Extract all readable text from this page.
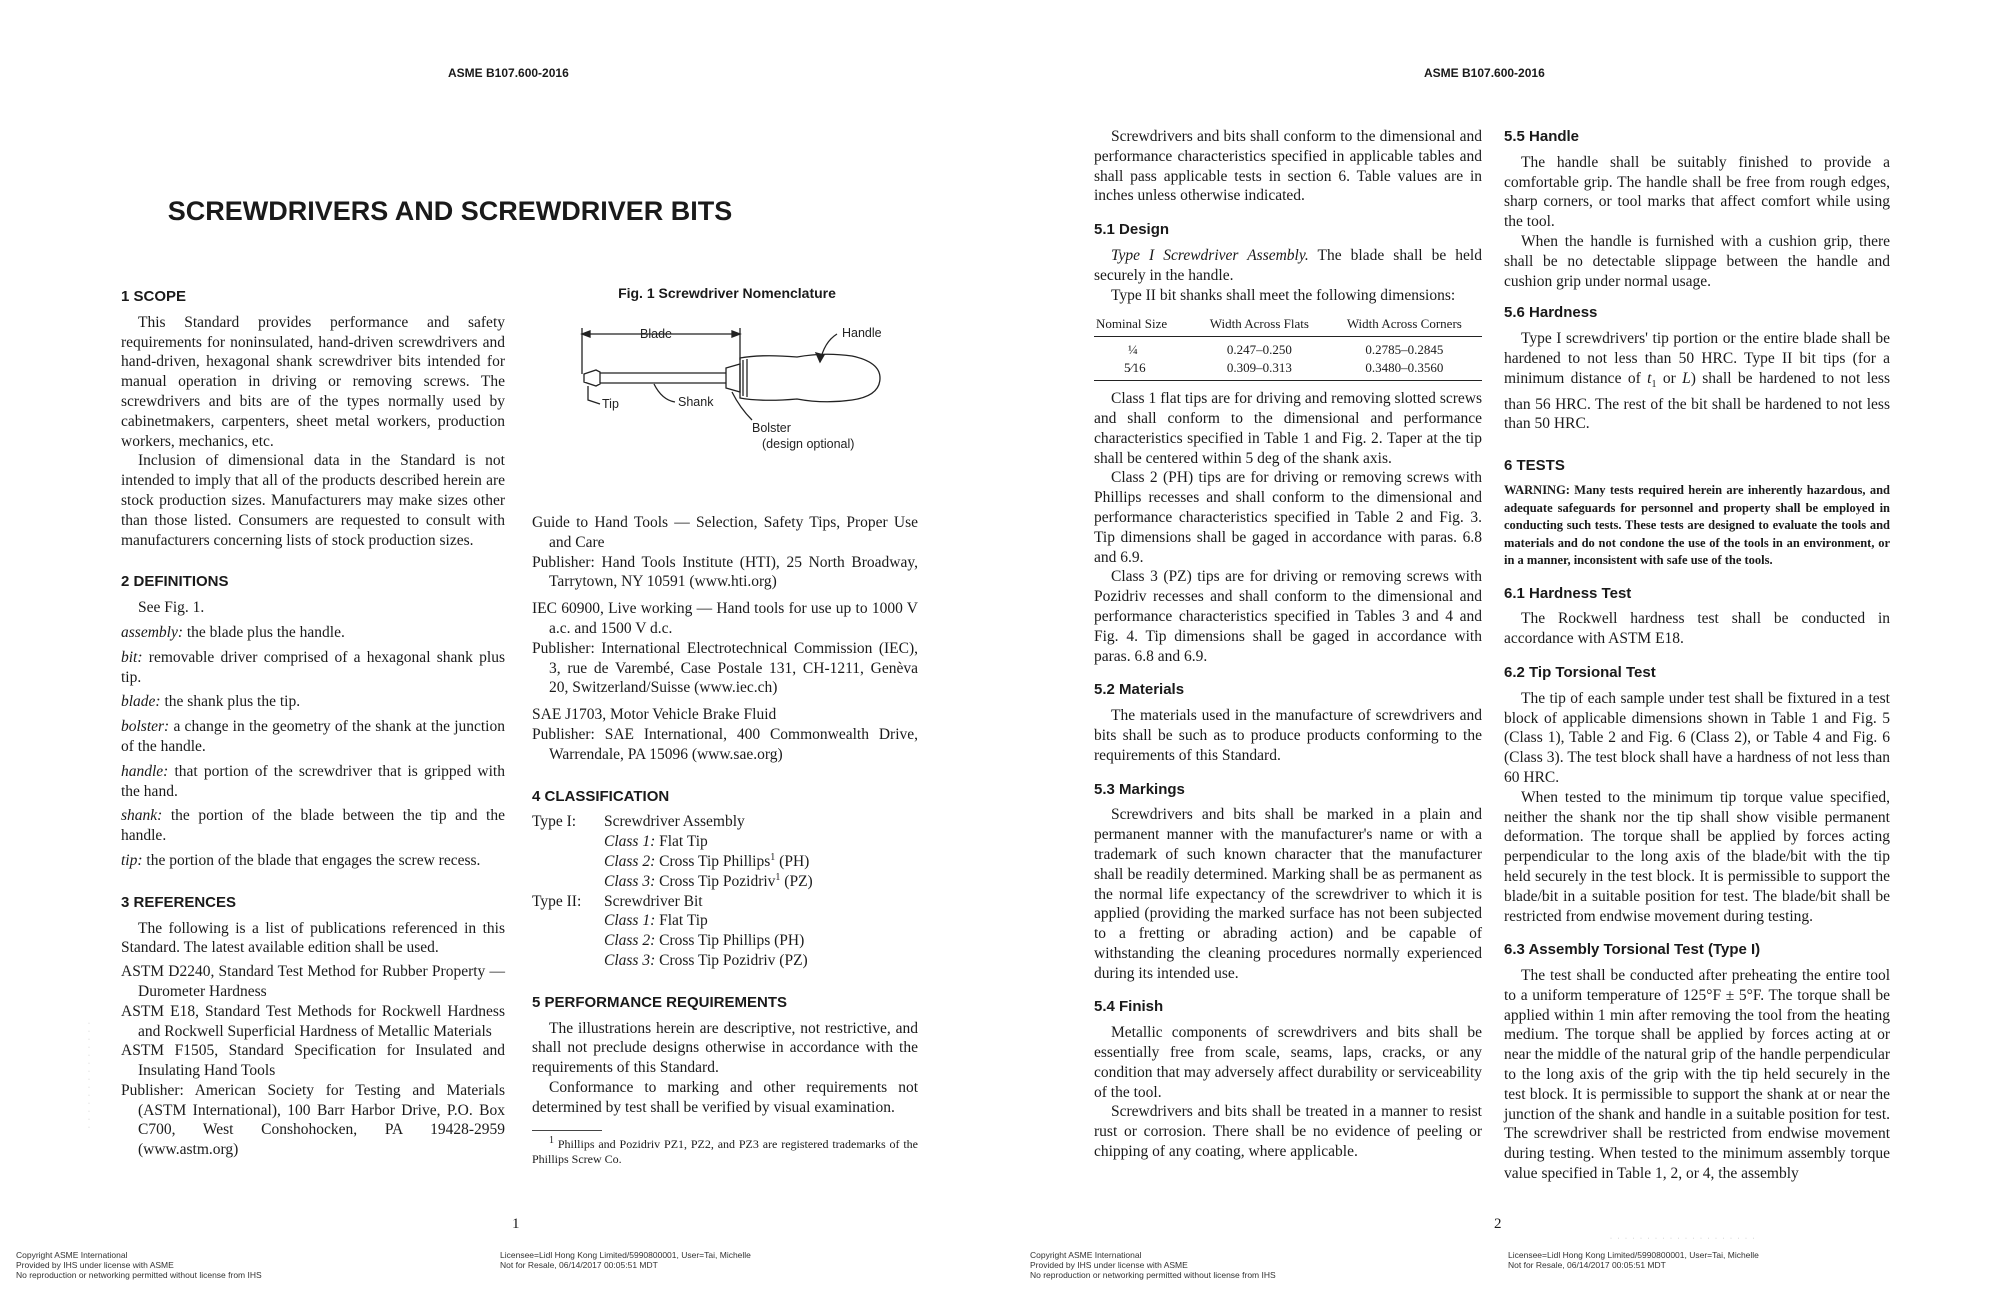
ASME B107.600-2016
SCREWDRIVERS AND SCREWDRIVER BITS
1 SCOPE

This Standard provides performance and safety requirements for noninsulated, hand-driven screwdrivers and hand-driven, hexagonal shank screwdriver bits intended for manual operation in driving or removing screws. The screwdrivers and bits are of the types normally used by cabinetmakers, carpenters, sheet metal workers, production workers, mechanics, etc.

Inclusion of dimensional data in the Standard is not intended to imply that all of the products described herein are stock production sizes. Manufacturers may make sizes other than those listed. Consumers are requested to consult with manufacturers concerning lists of stock production sizes.

2 DEFINITIONS

See Fig. 1.

assembly: the blade plus the handle.

bit: removable driver comprised of a hexagonal shank plus tip.

blade: the shank plus the tip.

bolster: a change in the geometry of the shank at the junction of the handle.

handle: that portion of the screwdriver that is gripped with the hand.

shank: the portion of the blade between the tip and the handle.

tip: the portion of the blade that engages the screw recess.

3 REFERENCES

The following is a list of publications referenced in this Standard. The latest available edition shall be used.

ASTM D2240, Standard Test Method for Rubber Property — Durometer Hardness

ASTM E18, Standard Test Methods for Rockwell Hardness and Rockwell Superficial Hardness of Metallic Materials

ASTM F1505, Standard Specification for Insulated and Insulating Hand Tools

Publisher: American Society for Testing and Materials (ASTM International), 100 Barr Harbor Drive, P.O. Box C700, West Conshohocken, PA 19428-2959 (www.astm.org)

Fig. 1 Screwdriver Nomenclature
Blade	Handle
Tip	Shank
Bolster
(design optional)

Guide to Hand Tools — Selection, Safety Tips, Proper Use and Care

Publisher: Hand Tools Institute (HTI), 25 North Broadway, Tarrytown, NY 10591 (www.hti.org)

IEC 60900, Live working — Hand tools for use up to 1000 V a.c. and 1500 V d.c.

Publisher: International Electrotechnical Commission (IEC), 3, rue de Varembé, Case Postale 131, CH-1211, Genèva 20, Switzerland/Suisse (www.iec.ch)

SAE J1703, Motor Vehicle Brake Fluid

Publisher: SAE International, 400 Commonwealth Drive, Warrendale, PA 15096 (www.sae.org)

4 CLASSIFICATION
Type I:	Screwdriver Assembly
Class 1: Flat Tip
Class 2: Cross Tip Phillips$^1$ (PH)
Class 3: Cross Tip Pozidriv$^1$ (PZ)
Type II:	Screwdriver Bit
Class 1: Flat Tip
Class 2: Cross Tip Phillips (PH)
Class 3: Cross Tip Pozidriv (PZ)
5 PERFORMANCE REQUIREMENTS

The illustrations herein are descriptive, not restrictive, and shall not preclude designs otherwise in accordance with the requirements of this Standard.

Conformance to marking and other requirements not determined by test shall be verified by visual examination.

$^1$ Phillips and Pozidriv PZ1, PZ2, and PZ3 are registered trademarks of the Phillips Screw Co.

1
· · · · · · · · · · · · · ·
Copyright ASME International
Provided by IHS under license with ASME
No reproduction or networking permitted without license from IHS
Licensee=Lidl Hong Kong Limited/5990800001, User=Tai, Michelle
Not for Resale, 06/14/2017 00:05:51 MDT
ASME B107.600-2016

Screwdrivers and bits shall conform to the dimensional and performance characteristics specified in applicable tables and shall pass applicable tests in section 6. Table values are in inches unless otherwise indicated.

5.1 Design

Type I Screwdriver Assembly. The blade shall be held securely in the handle.

Type II bit shanks shall meet the following dimensions:

Nominal Size	Width Across Flats	Width Across Corners
¼	0.247–0.250	0.2785–0.2845
5⁄16	0.309–0.313	0.3480–0.3560

Class 1 flat tips are for driving and removing slotted screws and shall conform to the dimensional and performance characteristics specified in Table 1 and Fig. 2. Taper at the tip shall be centered within 5 deg of the shank axis.

Class 2 (PH) tips are for driving or removing screws with Phillips recesses and shall conform to the dimensional and performance characteristics specified in Table 2 and Fig. 3. Tip dimensions shall be gaged in accordance with paras. 6.8 and 6.9.

Class 3 (PZ) tips are for driving or removing screws with Pozidriv recesses and shall conform to the dimensional and performance characteristics specified in Tables 3 and 4 and Fig. 4. Tip dimensions shall be gaged in accordance with paras. 6.8 and 6.9.

5.2 Materials

The materials used in the manufacture of screwdrivers and bits shall be such as to produce products conforming to the requirements of this Standard.

5.3 Markings

Screwdrivers and bits shall be marked in a plain and permanent manner with the manufacturer's name or with a trademark of such known character that the manufacturer shall be readily determined. Marking shall be as permanent as the normal life expectancy of the screwdriver to which it is applied (providing the marked surface has not been subjected to a fretting or abrading action) and be capable of withstanding the cleaning procedures normally experienced during its intended use.

5.4 Finish

Metallic components of screwdrivers and bits shall be essentially free from scale, seams, laps, cracks, or any condition that may adversely affect durability or serviceability of the tool.

Screwdrivers and bits shall be treated in a manner to resist rust or corrosion. There shall be no evidence of peeling or chipping of any coating, where applicable.

5.5 Handle

The handle shall be suitably finished to provide a comfortable grip. The handle shall be free from rough edges, sharp corners, or tool marks that affect comfort while using the tool.

When the handle is furnished with a cushion grip, there shall be no detectable slippage between the handle and cushion grip under normal usage.

5.6 Hardness

Type I screwdrivers' tip portion or the entire blade shall be hardened to not less than 50 HRC. Type II bit tips (for a minimum distance of $t_1$ or L) shall be hardened to not less than 56 HRC. The rest of the bit shall be hardened to not less than 50 HRC.

6 TESTS

WARNING: Many tests required herein are inherently hazardous, and adequate safeguards for personnel and property shall be employed in conducting such tests. These tests are designed to evaluate the tools and materials and do not condone the use of the tools in an environment, or in a manner, inconsistent with safe use of the tools.

6.1 Hardness Test

The Rockwell hardness test shall be conducted in accordance with ASTM E18.

6.2 Tip Torsional Test

The tip of each sample under test shall be fixtured in a test block of applicable dimensions shown in Table 1 and Fig. 5 (Class 1), Table 2 and Fig. 6 (Class 2), or Table 4 and Fig. 6 (Class 3). The test block shall have a hardness of not less than 60 HRC.

When tested to the minimum tip torque value specified, neither the shank nor the tip shall show visible permanent deformation. The torque shall be applied by forces acting perpendicular to the long axis of the blade/bit with the tip held securely in the test block. It is permissible to support the blade/bit in a suitable position for test. The blade/bit shall be restricted from endwise movement during testing.

6.3 Assembly Torsional Test (Type I)

The test shall be conducted after preheating the entire tool to a uniform temperature of 125°F ± 5°F. The torque shall be applied within 1 min after removing the tool from the heating medium. The torque shall be applied by forces acting at or near the middle of the natural grip of the handle perpendicular to the long axis of the grip with the tip held securely in the test block. It is permissible to support the shank at or near the junction of the shank and handle in a suitable position for test. The screwdriver shall be restricted from endwise movement during testing. When tested to the minimum assembly torque value specified in Table 1, 2, or 4, the assembly

2
· · · · · · · · · · · · · · · · · · · ·
Copyright ASME International
Provided by IHS under license with ASME
No reproduction or networking permitted without license from IHS
Licensee=Lidl Hong Kong Limited/5990800001, User=Tai, Michelle
Not for Resale, 06/14/2017 00:05:51 MDT
